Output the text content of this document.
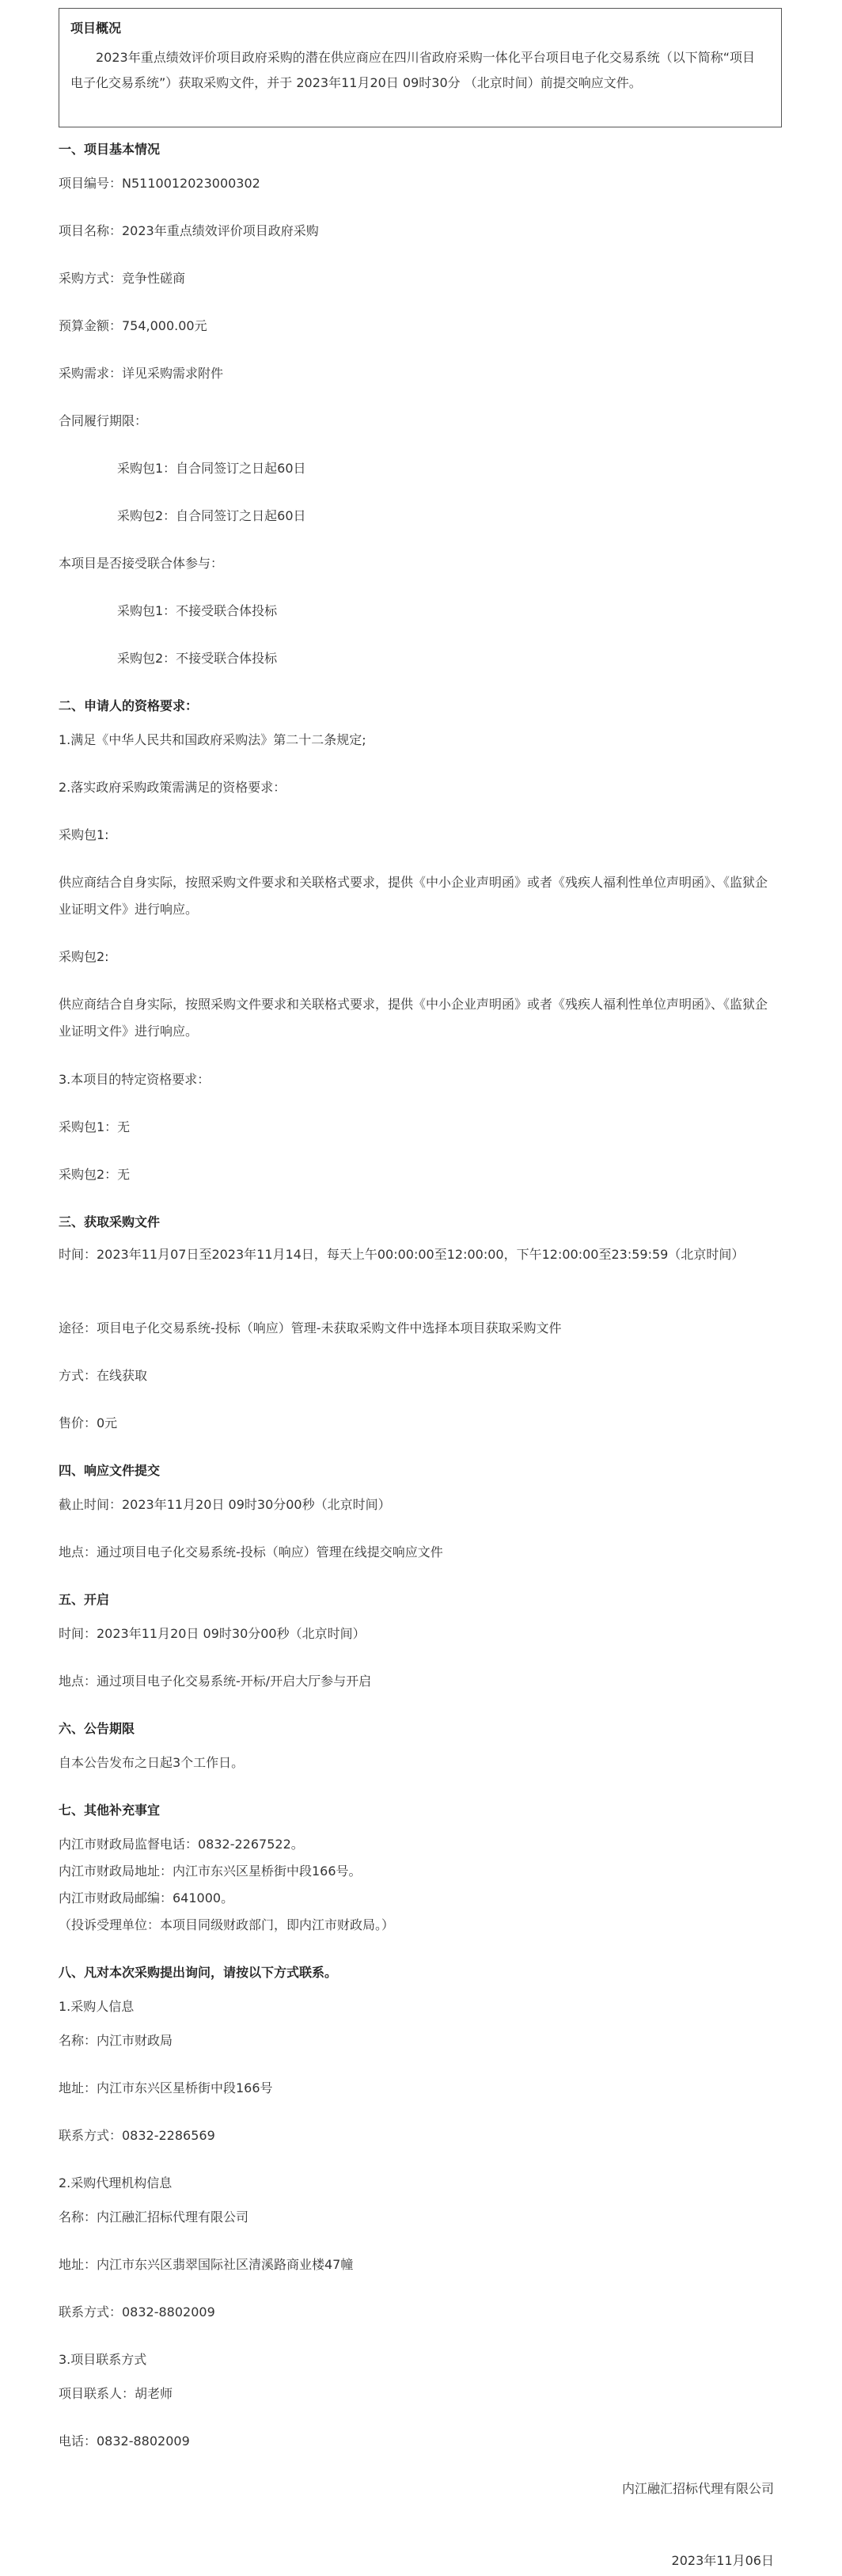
项目概况
2023年重点绩效评价项目政府采购的潜在供应商应在四川省政府采购一体化平台项目电子化交易系统（以下简称“项目电子化交易系统”）获取采购文件，并于 2023年11月20日 09时30分 （北京时间）前提交响应文件。
一、项目基本情况
项目编号：N5110012023000302
项目名称：2023年重点绩效评价项目政府采购
采购方式：竞争性磋商
预算金额：754,000.00元
采购需求：详见采购需求附件
合同履行期限：
采购包1：自合同签订之日起60日
采购包2：自合同签订之日起60日
本项目是否接受联合体参与：
采购包1：不接受联合体投标
采购包2：不接受联合体投标
二、申请人的资格要求：
1.满足《中华人民共和国政府采购法》第二十二条规定;
2.落实政府采购政策需满足的资格要求：
采购包1:
供应商结合自身实际，按照采购文件要求和关联格式要求，提供《中小企业声明函》或者《残疾人福利性单位声明函》、《监狱企业证明文件》进行响应。
采购包2:
供应商结合自身实际，按照采购文件要求和关联格式要求，提供《中小企业声明函》或者《残疾人福利性单位声明函》、《监狱企业证明文件》进行响应。
3.本项目的特定资格要求：
采购包1：无
采购包2：无
三、获取采购文件
时间：2023年11月07日至2023年11月14日，每天上午00:00:00至12:00:00，下午12:00:00至23:59:59（北京时间）
途径：项目电子化交易系统-投标（响应）管理-未获取采购文件中选择本项目获取采购文件
方式：在线获取
售价：0元
四、响应文件提交
截止时间：2023年11月20日 09时30分00秒（北京时间）
地点：通过项目电子化交易系统-投标（响应）管理在线提交响应文件
五、开启
时间：2023年11月20日 09时30分00秒（北京时间）
地点：通过项目电子化交易系统-开标/开启大厅参与开启
六、公告期限
自本公告发布之日起3个工作日。
七、其他补充事宜
内江市财政局监督电话：0832-2267522。
内江市财政局地址：内江市东兴区星桥街中段166号。
内江市财政局邮编：641000。
（投诉受理单位：本项目同级财政部门，即内江市财政局。）
八、凡对本次采购提出询问，请按以下方式联系。
1.采购人信息
名称：内江市财政局
地址：内江市东兴区星桥街中段166号
联系方式：0832-2286569
2.采购代理机构信息
名称：内江融汇招标代理有限公司
地址：内江市东兴区翡翠国际社区清溪路商业楼47幢
联系方式：0832-8802009
3.项目联系方式
项目联系人：胡老师
电话：0832-8802009
内江融汇招标代理有限公司
2023年11月06日
